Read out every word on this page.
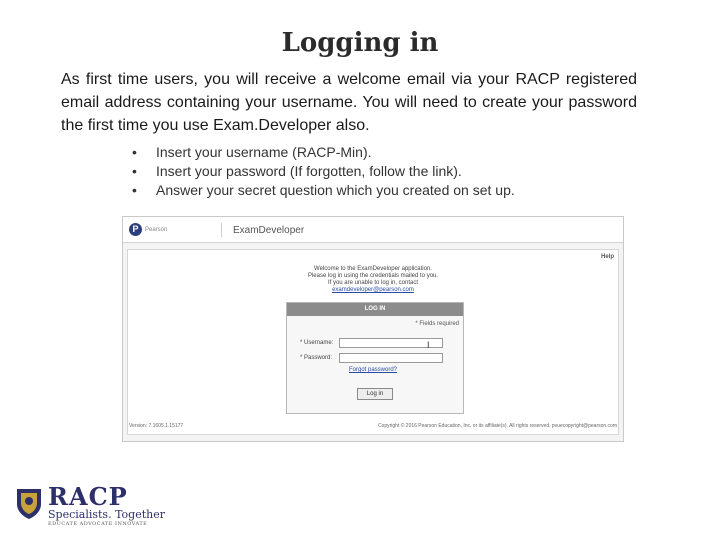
Logging in
As first time users, you will receive a welcome email via your RACP registered email address containing your username. You will need to create your password the first time you use Exam.Developer also.
• Insert your username (RACP-Min).
• Insert your password (If forgotten, follow the link).
• Answer your secret question which you created on set up.
P	Pearson	ExamDeveloper
Help
Welcome to the ExamDeveloper application.
Please log in using the credentials mailed to you.
If you are unable to log in, contact
examdeveloper@pearson.com
LOG IN
* Fields required
* Username:	I
* Password:
Log in
Forgot password?
Version: 7.1605.1.15177	Copyright © 2016 Pearson Education, Inc. or its affiliate(s). All rights reserved. pvuecopyright@pearson.com
RACP
Specialists. Together
EDUCATE ADVOCATE INNOVATE
